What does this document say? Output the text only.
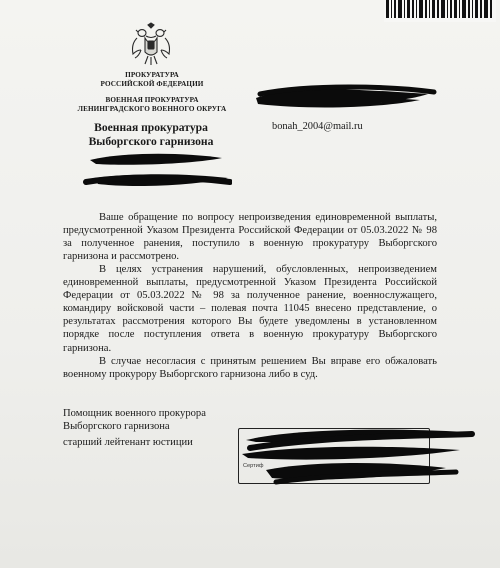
ПРОКУРАТУРА
РОССИЙСКОЙ ФЕДЕРАЦИИ
ВОЕННАЯ ПРОКУРАТУРА
ЛЕНИНГРАДСКОГО ВОЕННОГО ОКРУГА
Военная прокуратура
Выборгского гарнизона
bonah_2004@mail.ru
Ваше обращение по вопросу непроизведения единовременной выплаты, предусмотренной Указом Президента Российской Федерации от 05.03.2022 № 98 за полученное ранения, поступило в военную прокуратуру Выборгского гарнизона и рассмотрено.
В целях устранения нарушений, обусловленных, непроизведением единовременной выплаты, предусмотренной Указом Президента Российской Федерации от 05.03.2022 № 98 за полученное ранение, военнослужащего, командиру войсковой части – полевая почта 11045 внесено представление, о результатах рассмотрения которого Вы будете уведомлены в установленном порядке после поступления ответа в военную прокуратуру Выборгского гарнизона.
В случае несогласия с принятым решением Вы вправе его обжаловать военному прокурору Выборгского гарнизона либо в суд.
Помощник военного прокурора
Выборгского гарнизона
старший лейтенант юстиции
Сертиф
